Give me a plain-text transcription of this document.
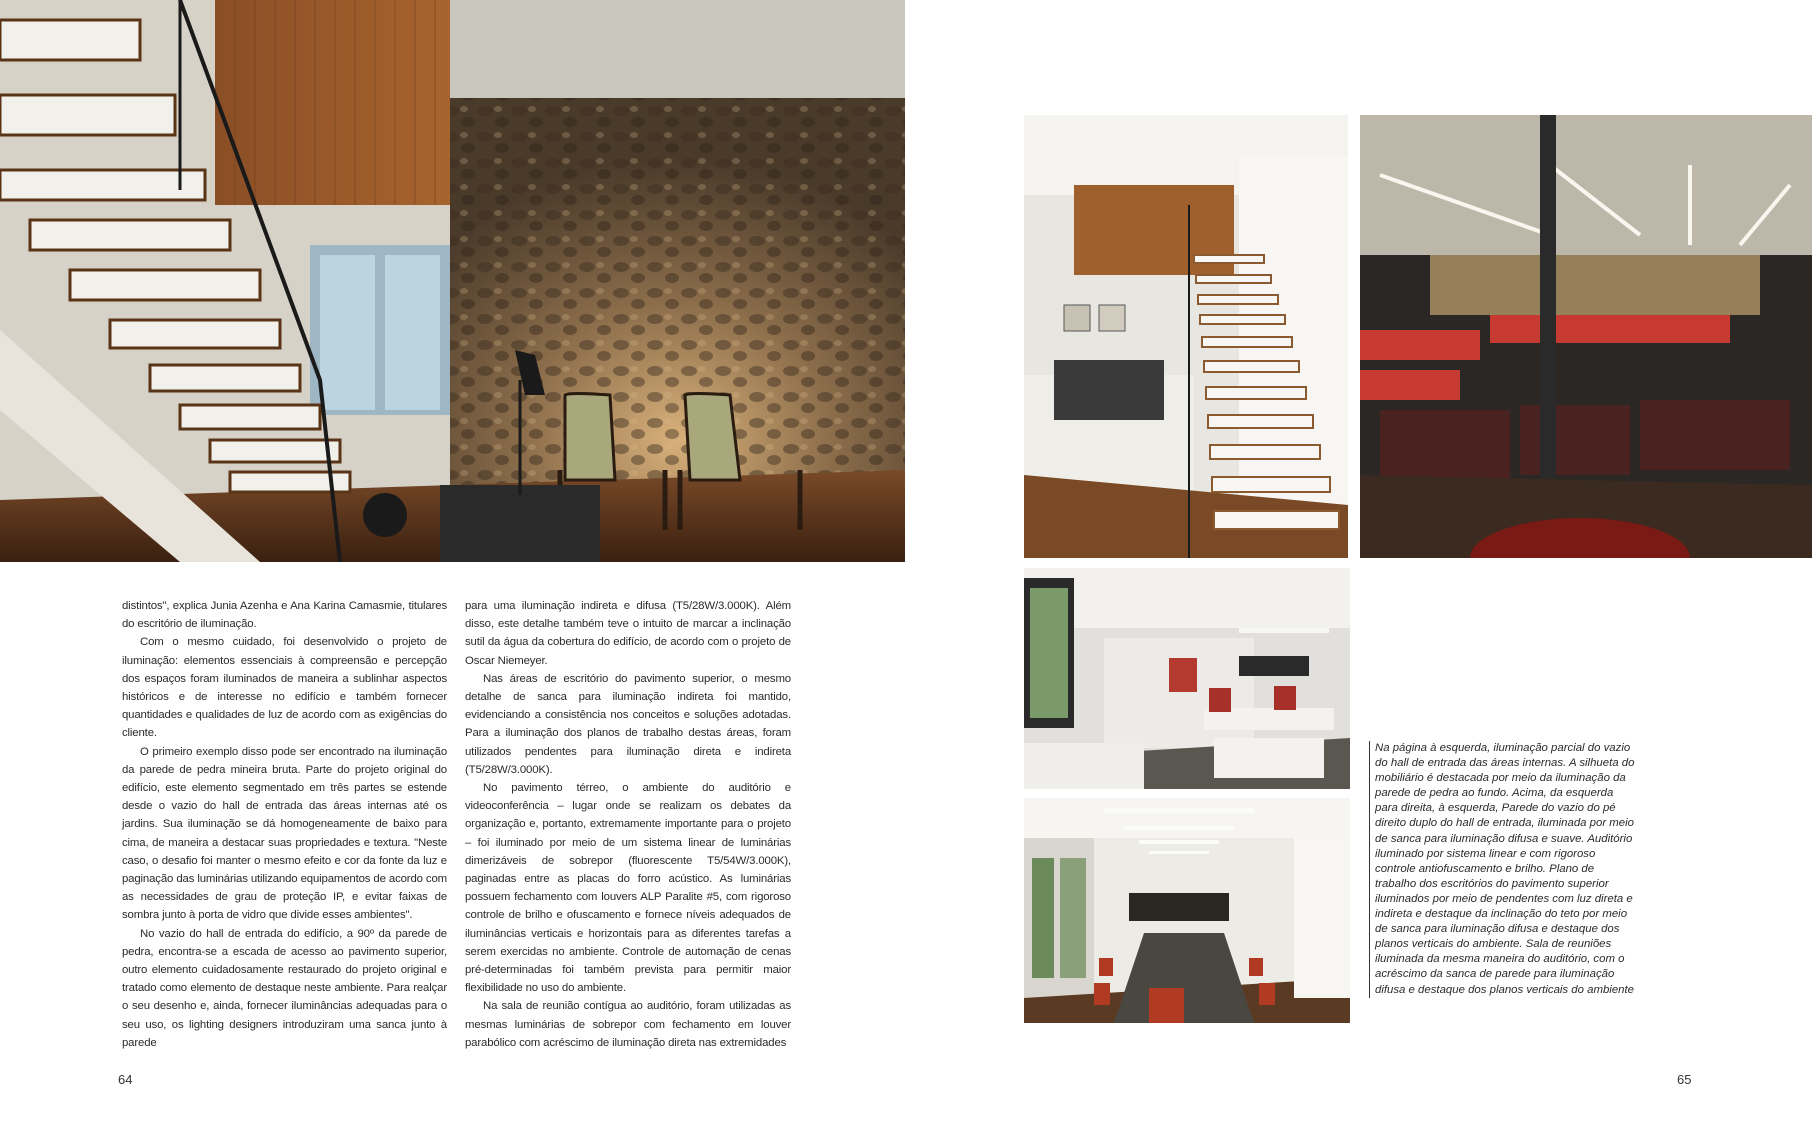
distintos", explica Junia Azenha e Ana Karina Camasmie, titulares do escritório de iluminação.

Com o mesmo cuidado, foi desenvolvido o projeto de iluminação: elementos essenciais à compreensão e percepção dos espaços foram iluminados de maneira a sublinhar aspectos históricos e de interesse no edifício e também fornecer quantidades e qualidades de luz de acordo com as exigências do cliente.

O primeiro exemplo disso pode ser encontrado na iluminação da parede de pedra mineira bruta. Parte do projeto original do edifício, este elemento segmentado em três partes se estende desde o vazio do hall de entrada das áreas internas até os jardins. Sua iluminação se dá homogeneamente de baixo para cima, de maneira a destacar suas propriedades e textura. "Neste caso, o desafio foi manter o mesmo efeito e cor da fonte da luz e paginação das luminárias utilizando equipamentos de acordo com as necessidades de grau de proteção IP, e evitar faixas de sombra junto à porta de vidro que divide esses ambientes".

No vazio do hall de entrada do edifício, a 90º da parede de pedra, encontra-se a escada de acesso ao pavimento superior, outro elemento cuidadosamente restaurado do projeto original e tratado como elemento de destaque neste ambiente. Para realçar o seu desenho e, ainda, fornecer iluminâncias adequadas para o seu uso, os lighting designers introduziram uma sanca junto à parede

para uma iluminação indireta e difusa (T5/28W/3.000K). Além disso, este detalhe também teve o intuito de marcar a inclinação sutil da água da cobertura do edifício, de acordo com o projeto de Oscar Niemeyer.

Nas áreas de escritório do pavimento superior, o mesmo detalhe de sanca para iluminação indireta foi mantido, evidenciando a consistência nos conceitos e soluções adotadas. Para a iluminação dos planos de trabalho destas áreas, foram utilizados pendentes para iluminação direta e indireta (T5/28W/3.000K).

No pavimento térreo, o ambiente do auditório e videoconferência – lugar onde se realizam os debates da organização e, portanto, extremamente importante para o projeto – foi iluminado por meio de um sistema linear de luminárias dimerizáveis de sobrepor (fluorescente T5/54W/3.000K), paginadas entre as placas do forro acústico. As luminárias possuem fechamento com louvers ALP Paralite #5, com rigoroso controle de brilho e ofuscamento e fornece níveis adequados de iluminâncias verticais e horizontais para as diferentes tarefas a serem exercidas no ambiente. Controle de automação de cenas pré-determinadas foi também prevista para permitir maior flexibilidade no uso do ambiente.

Na sala de reunião contígua ao auditório, foram utilizadas as mesmas luminárias de sobrepor com fechamento em louver parabólico com acréscimo de iluminação direta nas extremidades

64
Na página à esquerda, iluminação parcial do vazio do hall de entrada das áreas internas. A silhueta do mobiliário é destacada por meio da iluminação da parede de pedra ao fundo. Acima, da esquerda para direita, à esquerda, Parede do vazio do pé direito duplo do hall de entrada, iluminada por meio de sanca para iluminação difusa e suave. Auditório iluminado por sistema linear e com rigoroso controle antiofuscamento e brilho. Plano de trabalho dos escritórios do pavimento superior iluminados por meio de pendentes com luz direta e indireta e destaque da inclinação do teto por meio de sanca para iluminação difusa e destaque dos planos verticais do ambiente. Sala de reuniões iluminada da mesma maneira do auditório, com o acréscimo da sanca de parede para iluminação difusa e destaque dos planos verticais do ambiente
65
